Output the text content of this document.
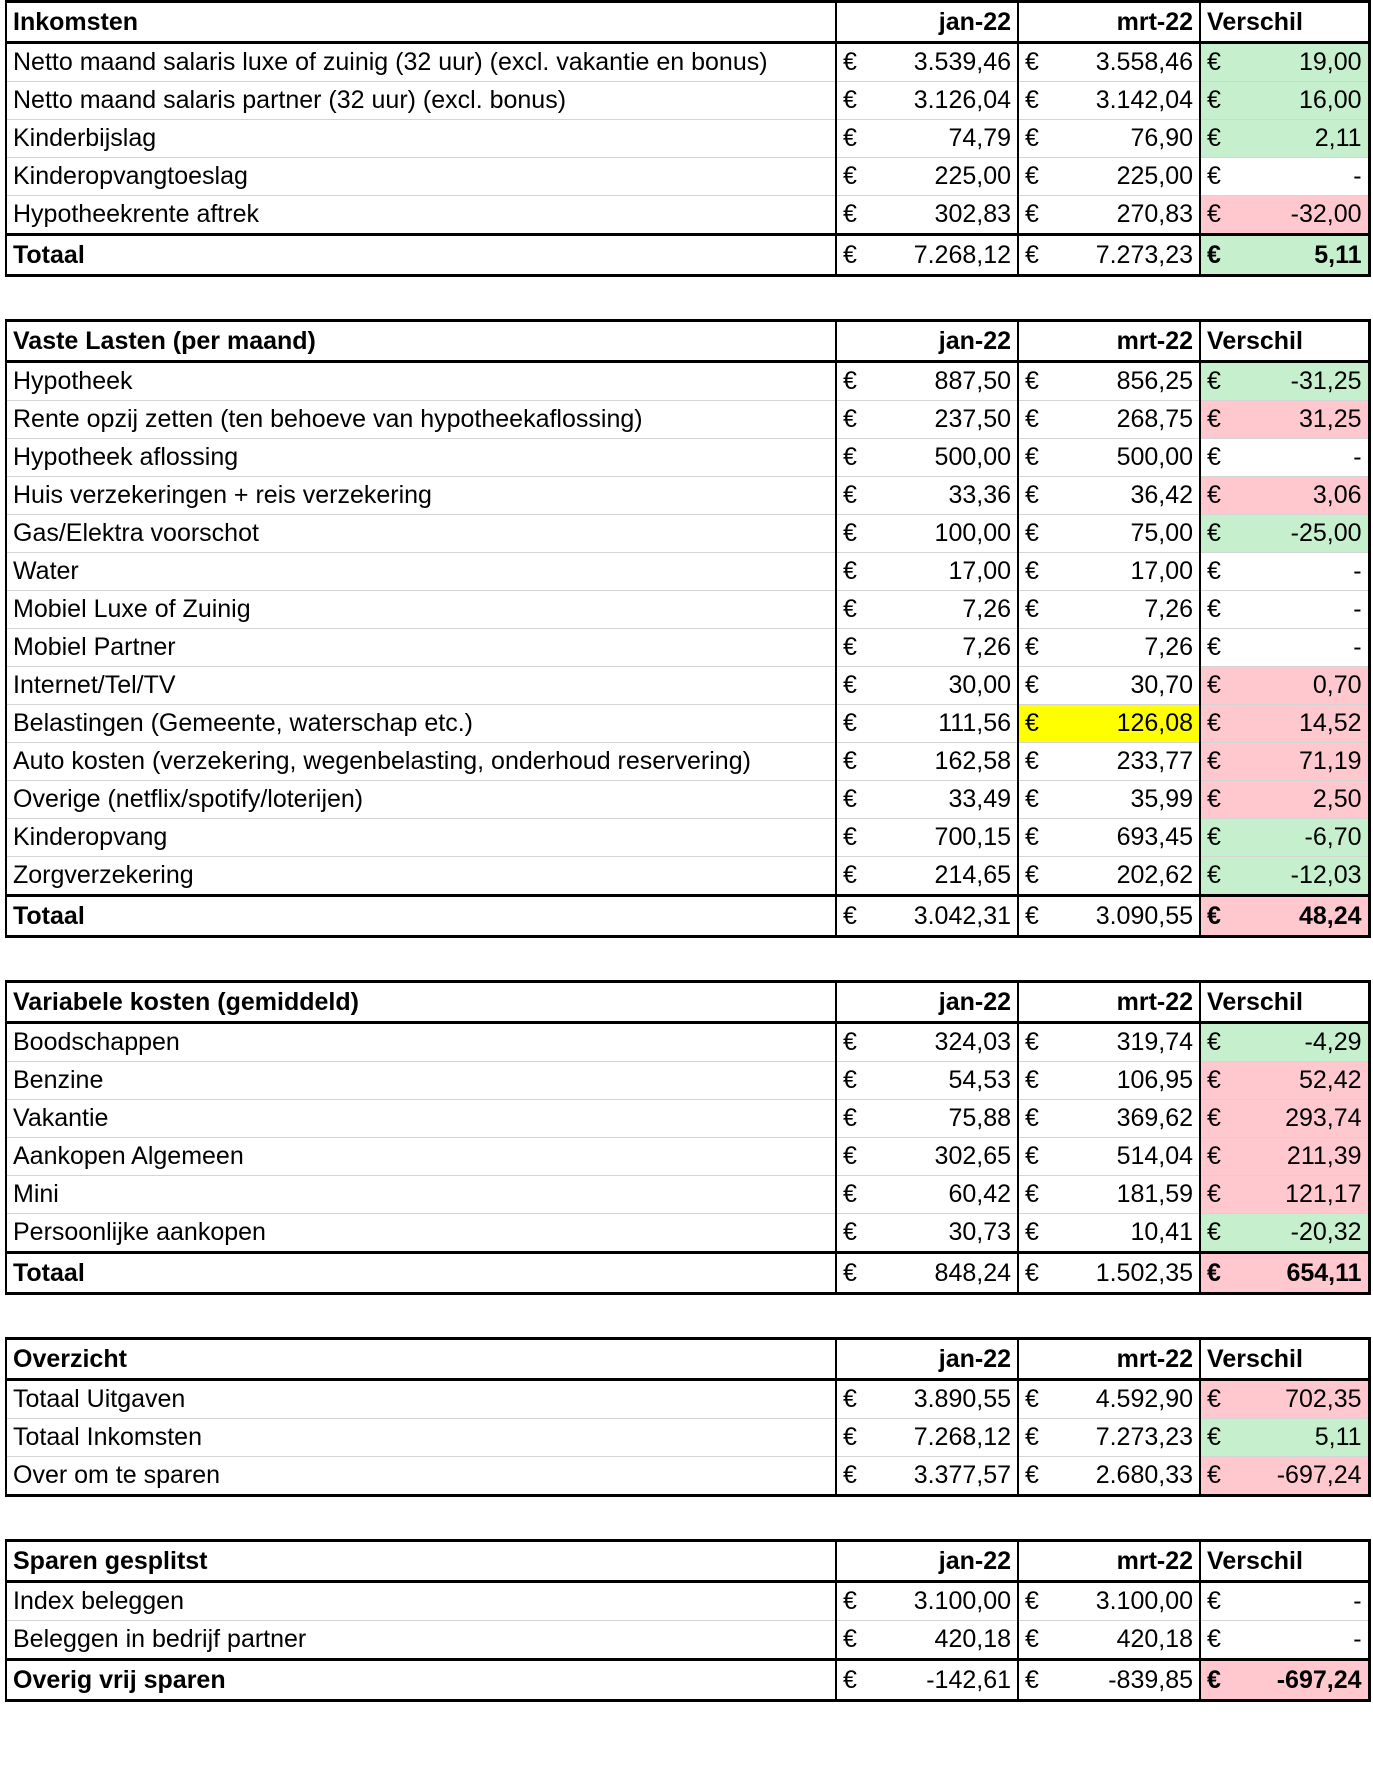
Inkomsten	jan-22		mrt-22		Verschil	
Netto maand salaris luxe of zuinig (32 uur) (excl. vakantie en bonus)	€	3.539,46	€	3.558,46	€	19,00
Netto maand salaris partner (32 uur) (excl. bonus)	€	3.126,04	€	3.142,04	€	16,00
Kinderbijslag	€	74,79	€	76,90	€	2,11
Kinderopvangtoeslag	€	225,00	€	225,00	€	-
Hypotheekrente aftrek	€	302,83	€	270,83	€	-32,00
Totaal	€	7.268,12	€	7.273,23	€	5,11
Vaste Lasten (per maand)	jan-22		mrt-22		Verschil	
Hypotheek	€	887,50	€	856,25	€	-31,25
Rente opzij zetten (ten behoeve van hypotheekaflossing)	€	237,50	€	268,75	€	31,25
Hypotheek aflossing	€	500,00	€	500,00	€	-
Huis verzekeringen + reis verzekering	€	33,36	€	36,42	€	3,06
Gas/Elektra voorschot	€	100,00	€	75,00	€	-25,00
Water	€	17,00	€	17,00	€	-
Mobiel Luxe of Zuinig	€	7,26	€	7,26	€	-
Mobiel Partner	€	7,26	€	7,26	€	-
Internet/Tel/TV	€	30,00	€	30,70	€	0,70
Belastingen (Gemeente, waterschap etc.)	€	111,56	€	126,08	€	14,52
Auto kosten (verzekering, wegenbelasting, onderhoud reservering)	€	162,58	€	233,77	€	71,19
Overige (netflix/spotify/loterijen)	€	33,49	€	35,99	€	2,50
Kinderopvang	€	700,15	€	693,45	€	-6,70
Zorgverzekering	€	214,65	€	202,62	€	-12,03
Totaal	€	3.042,31	€	3.090,55	€	48,24
Variabele kosten (gemiddeld)	jan-22		mrt-22		Verschil	
Boodschappen	€	324,03	€	319,74	€	-4,29
Benzine	€	54,53	€	106,95	€	52,42
Vakantie	€	75,88	€	369,62	€	293,74
Aankopen Algemeen	€	302,65	€	514,04	€	211,39
Mini	€	60,42	€	181,59	€	121,17
Persoonlijke aankopen	€	30,73	€	10,41	€	-20,32
Totaal	€	848,24	€	1.502,35	€	654,11
Overzicht	jan-22		mrt-22		Verschil	
Totaal Uitgaven	€	3.890,55	€	4.592,90	€	702,35
Totaal Inkomsten	€	7.268,12	€	7.273,23	€	5,11
Over om te sparen	€	3.377,57	€	2.680,33	€	-697,24
Sparen gesplitst	jan-22		mrt-22		Verschil	
Index beleggen	€	3.100,00	€	3.100,00	€	-
Beleggen in bedrijf partner	€	420,18	€	420,18	€	-
Overig vrij sparen	€	-142,61	€	-839,85	€	-697,24
